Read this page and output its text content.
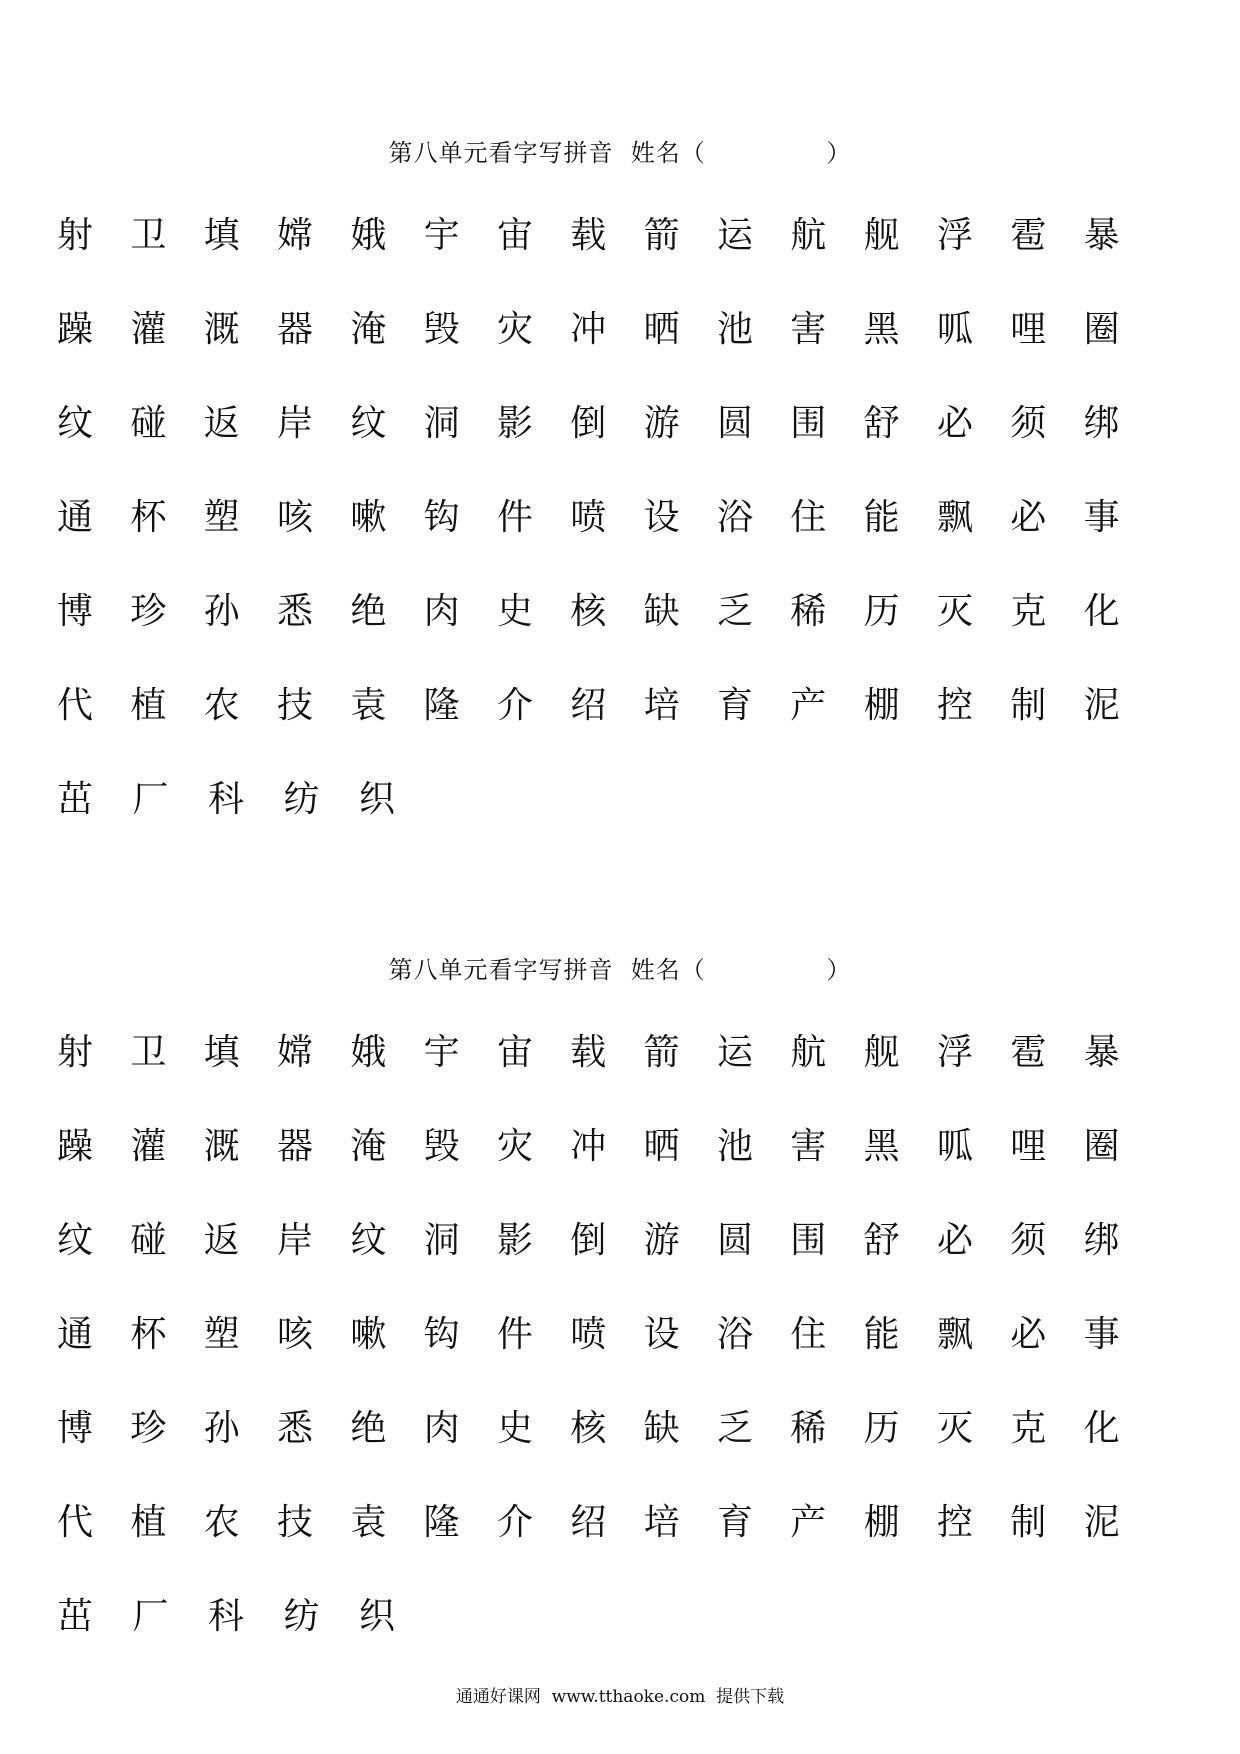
第八单元看字写拼音 姓名（	）
射	卫	填	嫦	娥	宇	宙	载	箭	运	航	舰	浮	雹	暴
躁	灌	溉	器	淹	毁	灾	冲	晒	池	害	黑	呱	哩	圈
纹	碰	返	岸	纹	洞	影	倒	游	圆	围	舒	必	须	绑
通	杯	塑	咳	嗽	钩	件	喷	设	浴	住	能	飘	必	事
博	珍	孙	悉	绝	肉	史	核	缺	乏	稀	历	灭	克	化
代	植	农	技	袁	隆	介	绍	培	育	产	棚	控	制	泥
茁	厂	科	纺	织
第八单元看字写拼音 姓名（	）
射	卫	填	嫦	娥	宇	宙	载	箭	运	航	舰	浮	雹	暴
躁	灌	溉	器	淹	毁	灾	冲	晒	池	害	黑	呱	哩	圈
纹	碰	返	岸	纹	洞	影	倒	游	圆	围	舒	必	须	绑
通	杯	塑	咳	嗽	钩	件	喷	设	浴	住	能	飘	必	事
博	珍	孙	悉	绝	肉	史	核	缺	乏	稀	历	灭	克	化
代	植	农	技	袁	隆	介	绍	培	育	产	棚	控	制	泥
茁	厂	科	纺	织
通通好课网 www.tthaoke.com 提供下载
